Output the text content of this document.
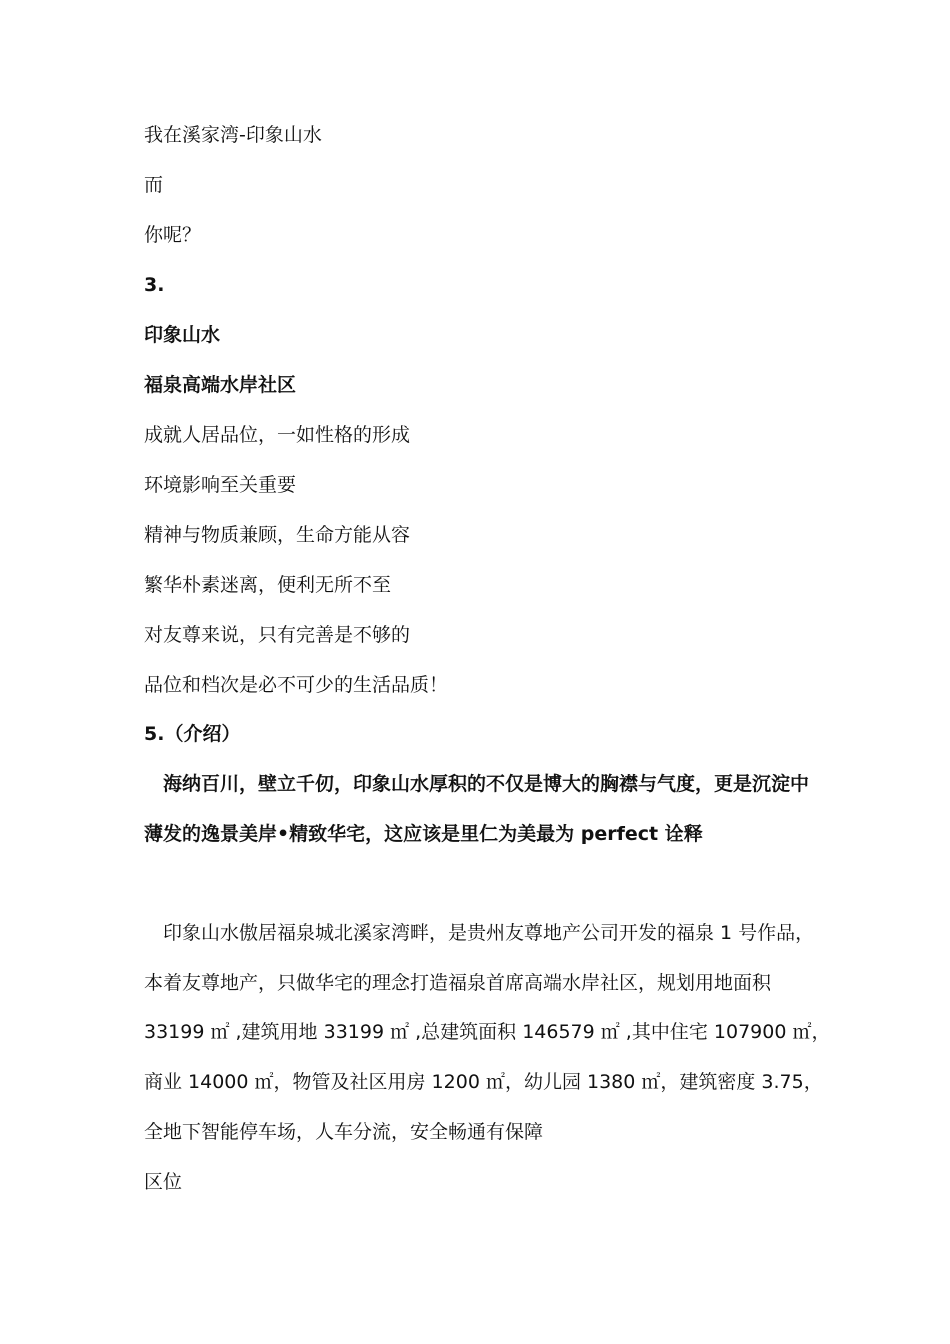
我在溪家湾-印象山水
而
你呢？
3.
印象山水
福泉高端水岸社区
成就人居品位，一如性格的形成
环境影响至关重要
精神与物质兼顾，生命方能从容
繁华朴素迷离，便利无所不至
对友尊来说，只有完善是不够的
品位和档次是必不可少的生活品质！
5.（介绍）
海纳百川，壁立千仞，印象山水厚积的不仅是博大的胸襟与气度，更是沉淀中
薄发的逸景美岸•精致华宅，这应该是里仁为美最为 perfect 诠释
印象山水傲居福泉城北溪家湾畔，是贵州友尊地产公司开发的福泉 1 号作品，
本着友尊地产，只做华宅的理念打造福泉首席高端水岸社区，规划用地面积
33199 ㎡ ,建筑用地 33199 ㎡ ,总建筑面积 146579 ㎡ ,其中住宅 107900 ㎡，
商业 14000 ㎡，物管及社区用房 1200 ㎡，幼儿园 1380 ㎡，建筑密度 3.75，
全地下智能停车场，人车分流，安全畅通有保障
区位
